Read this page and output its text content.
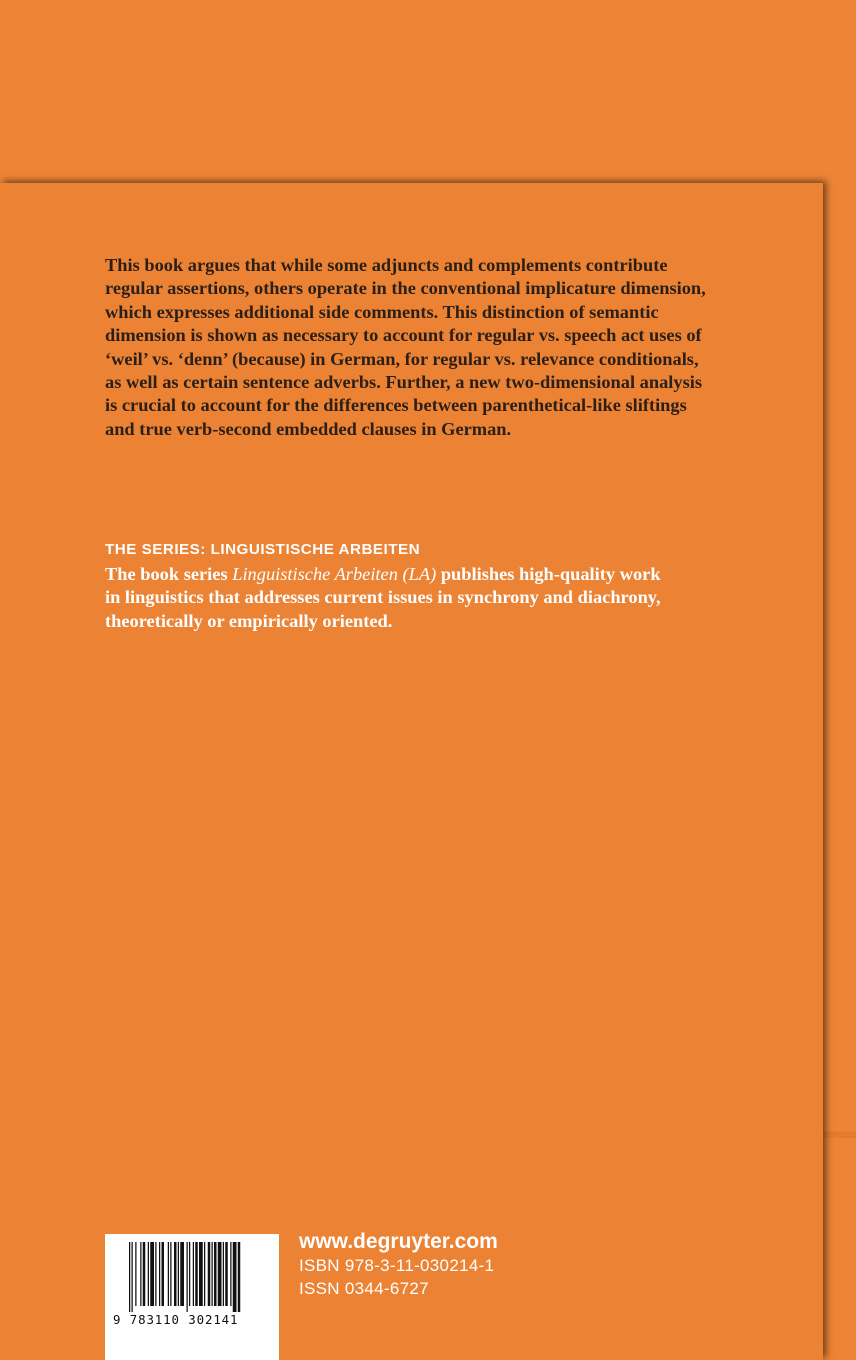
This book argues that while some adjuncts and complements contribute
regular assertions, others operate in the conventional implicature dimension,
which expresses additional side comments. This distinction of semantic
dimension is shown as necessary to account for regular vs. speech act uses of
‘weil’ vs. ‘denn’ (because) in German, for regular vs. relevance conditionals,
as well as certain sentence adverbs. Further, a new two-dimensional analysis
is crucial to account for the differences between parenthetical-like sliftings
and true verb-second embedded clauses in German.

THE SERIES: LINGUISTISCHE ARBEITEN

The book series Linguistische Arbeiten (LA) publishes high-quality work
in linguistics that addresses current issues in synchrony and diachrony,
theoretically or empirically oriented.

9 783110 302141
www.degruyter.com
ISBN 978-3-11-030214-1
ISSN 0344-6727
